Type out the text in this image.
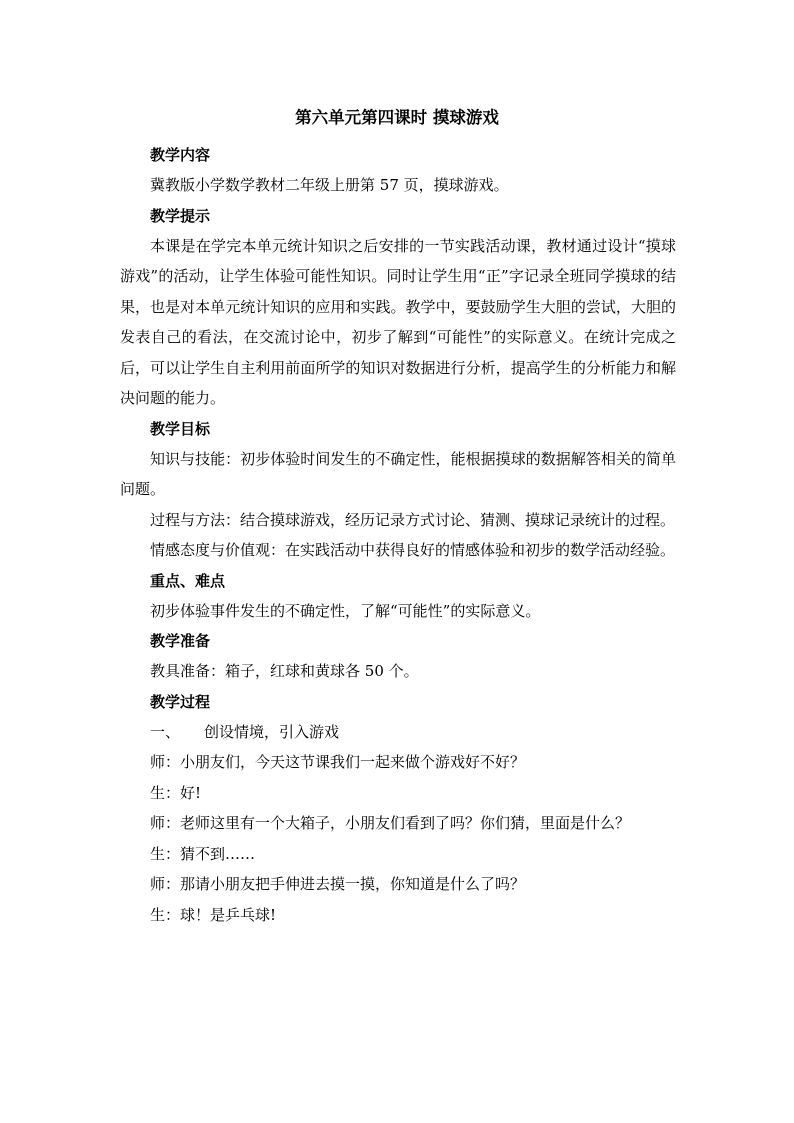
第六单元第四课时 摸球游戏

教学内容

冀教版小学数学教材二年级上册第 57 页，摸球游戏。

教学提示

本课是在学完本单元统计知识之后安排的一节实践活动课，教材通过设计“摸球游戏”的活动，让学生体验可能性知识。同时让学生用“正”字记录全班同学摸球的结果，也是对本单元统计知识的应用和实践。教学中，要鼓励学生大胆的尝试，大胆的发表自己的看法，在交流讨论中，初步了解到“可能性”的实际意义。在统计完成之后，可以让学生自主利用前面所学的知识对数据进行分析，提高学生的分析能力和解决问题的能力。

教学目标

知识与技能：初步体验时间发生的不确定性，能根据摸球的数据解答相关的简单问题。

过程与方法：结合摸球游戏，经历记录方式讨论、猜测、摸球记录统计的过程。

情感态度与价值观：在实践活动中获得良好的情感体验和初步的数学活动经验。

重点、难点

初步体验事件发生的不确定性，了解“可能性”的实际意义。

教学准备

教具准备：箱子，红球和黄球各 50 个。

教学过程

一、 创设情境，引入游戏

师：小朋友们，今天这节课我们一起来做个游戏好不好？

生：好!

师：老师这里有一个大箱子，小朋友们看到了吗？你们猜，里面是什么？

生：猜不到……

师：那请小朋友把手伸进去摸一摸，你知道是什么了吗？

生：球！是乒乓球!
